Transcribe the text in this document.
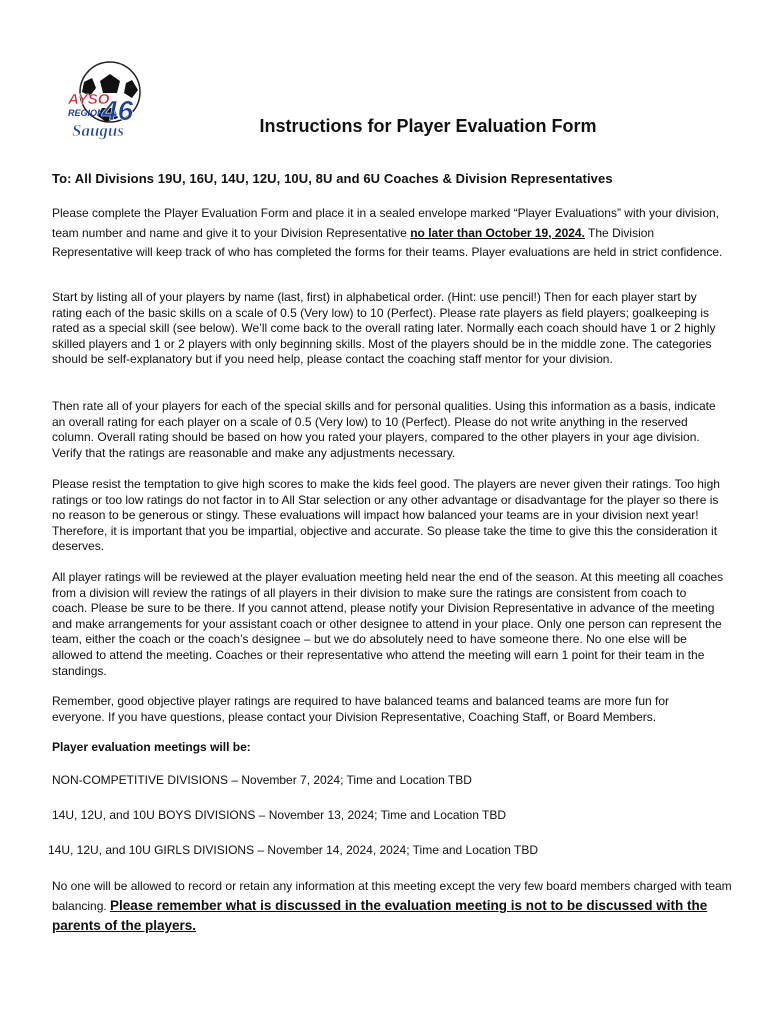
AYSO
REGION
46
Saugus	Instructions for Player Evaluation Form
To: All Divisions 19U, 16U, 14U, 12U, 10U, 8U and 6U Coaches & Division Representatives

Please complete the Player Evaluation Form and place it in a sealed envelope marked “Player Evaluations” with your division, team number and name and give it to your Division Representative no later than October 19, 2024. The Division Representative will keep track of who has completed the forms for their teams. Player evaluations are held in strict confidence.

Start by listing all of your players by name (last, first) in alphabetical order. (Hint: use pencil!) Then for each player start by rating each of the basic skills on a scale of 0.5 (Very low) to 10 (Perfect). Please rate players as field players; goalkeeping is rated as a special skill (see below). We’ll come back to the overall rating later. Normally each coach should have 1 or 2 highly skilled players and 1 or 2 players with only beginning skills. Most of the players should be in the middle zone. The categories should be self-explanatory but if you need help, please contact the coaching staff mentor for your division.

Then rate all of your players for each of the special skills and for personal qualities. Using this information as a basis, indicate an overall rating for each player on a scale of 0.5 (Very low) to 10 (Perfect). Please do not write anything in the reserved column. Overall rating should be based on how you rated your players, compared to the other players in your age division. Verify that the ratings are reasonable and make any adjustments necessary.

Please resist the temptation to give high scores to make the kids feel good. The players are never given their ratings. Too high ratings or too low ratings do not factor in to All Star selection or any other advantage or disadvantage for the player so there is no reason to be generous or stingy. These evaluations will impact how balanced your teams are in your division next year! Therefore, it is important that you be impartial, objective and accurate. So please take the time to give this the consideration it deserves.

All player ratings will be reviewed at the player evaluation meeting held near the end of the season. At this meeting all coaches from a division will review the ratings of all players in their division to make sure the ratings are consistent from coach to coach. Please be sure to be there. If you cannot attend, please notify your Division Representative in advance of the meeting and make arrangements for your assistant coach or other designee to attend in your place. Only one person can represent the team, either the coach or the coach’s designee – but we do absolutely need to have someone there. No one else will be allowed to attend the meeting. Coaches or their representative who attend the meeting will earn 1 point for their team in the standings.

Remember, good objective player ratings are required to have balanced teams and balanced teams are more fun for everyone. If you have questions, please contact your Division Representative, Coaching Staff, or Board Members.

Player evaluation meetings will be:
NON-COMPETITIVE DIVISIONS – November 7, 2024; Time and Location TBD
14U, 12U, and 10U BOYS DIVISIONS – November 13, 2024; Time and Location TBD
14U, 12U, and 10U GIRLS DIVISIONS – November 14, 2024, 2024; Time and Location TBD

No one will be allowed to record or retain any information at this meeting except the very few board members charged with team balancing. Please remember what is discussed in the evaluation meeting is not to be discussed with the parents of the players.
